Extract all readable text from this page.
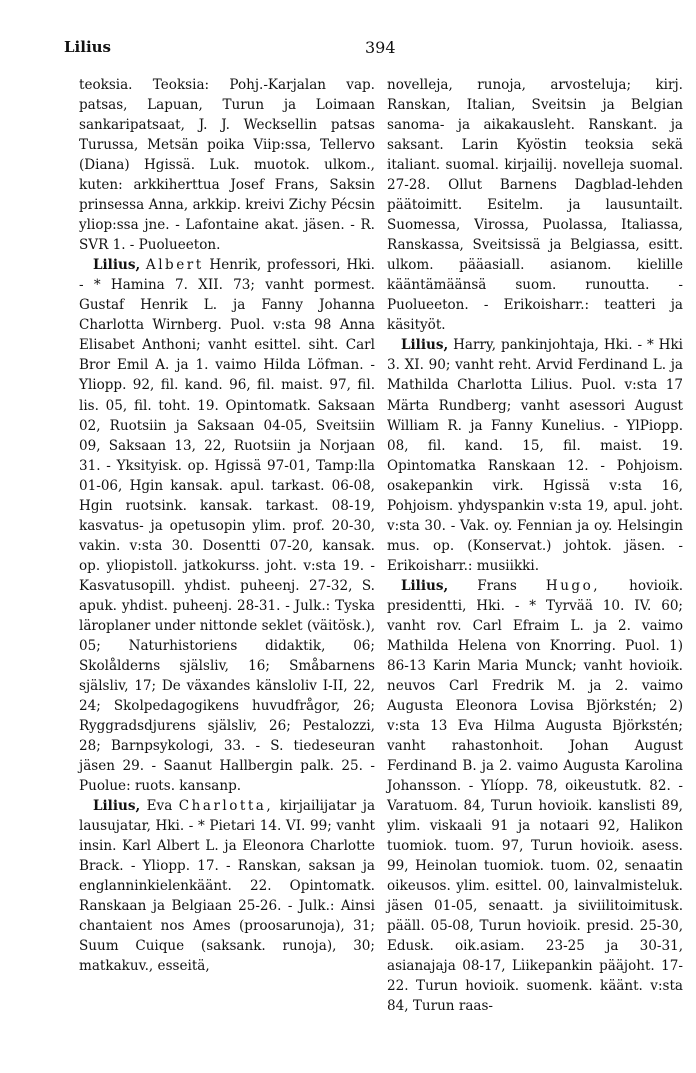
Lilius	394

teoksia. Teoksia: Pohj.-Karjalan vap. patsas, Lapuan, Turun ja Loimaan sankaripatsaat, J. J. Wecksellin patsas Turussa, Metsän poika Viip:ssa, Tellervo (Diana) Hgissä. Luk. muotok. ulkom., kuten: arkkiherttua Josef Frans, Saksin prinsessa Anna, arkkip. kreivi Zichy Pécsin yliop:ssa jne. - Lafontaine akat. jäsen. - R. SVR 1. - Puolueeton.

Lilius, Albert Henrik, professori, Hki. - * Hamina 7. XII. 73; vanht pormest. Gustaf Henrik L. ja Fanny Johanna Charlotta Wirnberg. Puol. v:sta 98 Anna Elisabet Anthoni; vanht esittel. siht. Carl Bror Emil A. ja 1. vaimo Hilda Löfman. - Yliopp. 92, fil. kand. 96, fil. maist. 97, fil. lis. 05, fil. toht. 19. Opintomatk. Saksaan 02, Ruotsiin ja Saksaan 04-05, Sveitsiin 09, Saksaan 13, 22, Ruotsiin ja Norjaan 31. - Yksityisk. op. Hgissä 97-01, Tamp:lla 01-06, Hgin kansak. apul. tarkast. 06-08, Hgin ruotsink. kansak. tarkast. 08-19, kasvatus- ja opetusopin ylim. prof. 20-30, vakin. v:sta 30. Dosentti 07-20, kansak. op. yliopistoll. jatkokurss. joht. v:sta 19. - Kasvatusopill. yhdist. puheenj. 27-32, S. apuk. yhdist. puheenj. 28-31. - Julk.: Tyska läroplaner under nittonde seklet (väitösk.), 05; Naturhistoriens didaktik, 06; Skolålderns själsliv, 16; Småbarnens själsliv, 17; De växandes känsloliv I-II, 22, 24; Skolpedagogikens huvudfrågor, 26; Ryggradsdjurens själsliv, 26; Pestalozzi, 28; Barnpsykologi, 33. - S. tiedeseuran jäsen 29. - Saanut Hallbergin palk. 25. - Puolue: ruots. kansanp.

Lilius, Eva Charlotta, kirjailijatar ja lausujatar, Hki. - * Pietari 14. VI. 99; vanht insin. Karl Albert L. ja Eleonora Charlotte Brack. - Yliopp. 17. - Ranskan, saksan ja englanninkielenkäänt. 22. Opintomatk. Ranskaan ja Belgiaan 25-26. - Julk.: Ainsi chantaient nos Ames (proosarunoja), 31; Suum Cuique (saksank. runoja), 30; matkakuv., esseitä,

novelleja, runoja, arvosteluja; kirj. Ranskan, Italian, Sveitsin ja Belgian sanoma- ja aikakausleht. Ranskant. ja saksant. Larin Kyöstin teoksia sekä italiant. suomal. kirjailij. novelleja suomal. 27-28. Ollut Barnens Dagblad-lehden päätoimitt. Esitelm. ja lausuntailt. Suomessa, Virossa, Puolassa, Italiassa, Ranskassa, Sveitsissä ja Belgiassa, esitt. ulkom. pääasiall. asianom. kielille kääntämäänsä suom. runoutta. - Puolueeton. - Erikoisharr.: teatteri ja käsityöt.

Lilius, Harry, pankinjohtaja, Hki. - * Hki 3. XI. 90; vanht reht. Arvid Ferdinand L. ja Mathilda Charlotta Lilius. Puol. v:sta 17 Märta Rundberg; vanht asessori August William R. ja Fanny Kunelius. - YlPiopp. 08, fil. kand. 15, fil. maist. 19. Opintomatka Ranskaan 12. - Pohjoism. osakepankin virk. Hgissä v:sta 16, Pohjoism. yhdyspankin v:sta 19, apul. joht. v:sta 30. - Vak. oy. Fennian ja oy. Helsingin mus. op. (Konservat.) johtok. jäsen. - Erikoisharr.: musiikki.

Lilius, Frans Hugo, hovioik. presidentti, Hki. - * Tyrvää 10. IV. 60; vanht rov. Carl Efraim L. ja 2. vaimo Mathilda Helena von Knorring. Puol. 1) 86-13 Karin Maria Munck; vanht hovioik. neuvos Carl Fredrik M. ja 2. vaimo Augusta Eleonora Lovisa Björkstén; 2) v:sta 13 Eva Hilma Augusta Björkstén; vanht rahastonhoit. Johan August Ferdinand B. ja 2. vaimo Augusta Karolina Johansson. - Ylíopp. 78, oikeustutk. 82. - Varatuom. 84, Turun hovioik. kanslisti 89, ylim. viskaali 91 ja notaari 92, Halikon tuomiok. tuom. 97, Turun hovioik. asess. 99, Heinolan tuomiok. tuom. 02, senaatin oikeusos. ylim. esittel. 00, lainvalmisteluk. jäsen 01-05, senaatt. ja siviilitoimitusk. pääll. 05-08, Turun hovioik. presid. 25-30, Edusk. oik.asiam. 23-25 ja 30-31, asianajaja 08-17, Liikepankin pääjoht. 17-22. Turun hovioik. suomenk. käänt. v:sta 84, Turun raas-
